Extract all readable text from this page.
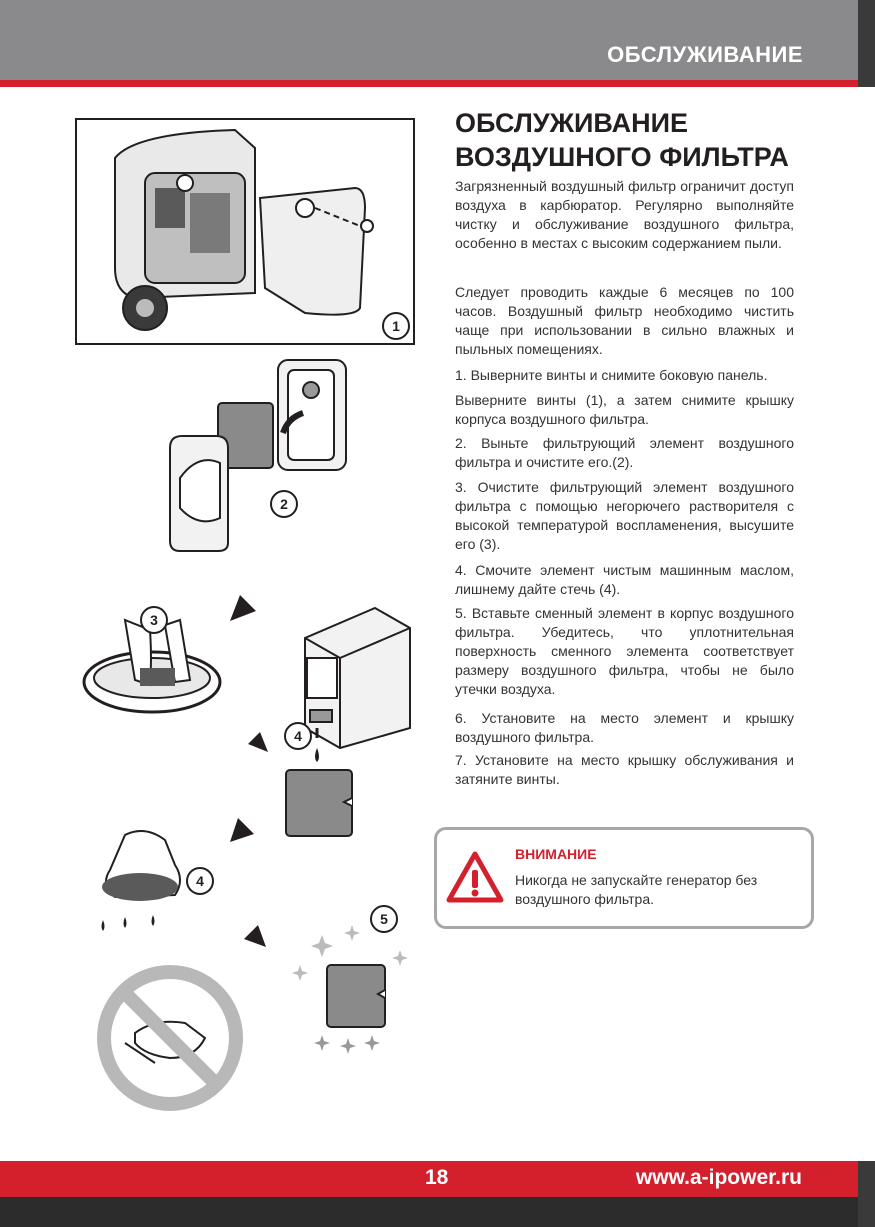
ОБСЛУЖИВАНИЕ
ОБСЛУЖИВАНИЕ
ВОЗДУШНОГО ФИЛЬТРА
Загрязненный воздушный фильтр ограничит доступ воздуха в карбюратор. Регулярно выполняйте чистку и обслуживание воздушного фильтра, особенно в местах с высоким содержанием пыли.
Следует проводить каждые 6 месяцев по 100 часов. Воздушный фильтр необходимо чистить чаще при использовании в сильно влажных и пыльных помещениях.
1. Выверните винты и снимите боковую панель.
Выверните винты (1), а затем снимите крышку корпуса воздушного фильтра.
2. Выньте фильтрующий элемент воздушного фильтра и очистите его.(2).
3. Очистите фильтрующий элемент воздушного фильтра с помощью негорючего растворителя с высокой температурой воспламенения, высушите его (3).
4. Смочите элемент чистым машинным маслом, лишнему дайте стечь (4).
5. Вставьте сменный элемент в корпус воздушного фильтра. Убедитесь, что уплотнительная поверхность сменного элемента соответствует размеру воздушного фильтра, чтобы не было утечки воздуха.
6. Установите на место элемент и крышку воздушного фильтра.
7. Установите на место крышку обслуживания и затяните винты.
ВНИМАНИЕ
Никогда не запускайте генератор без воздушного фильтра.
1
2
3
4
4
5
18	www.a-ipower.ru
